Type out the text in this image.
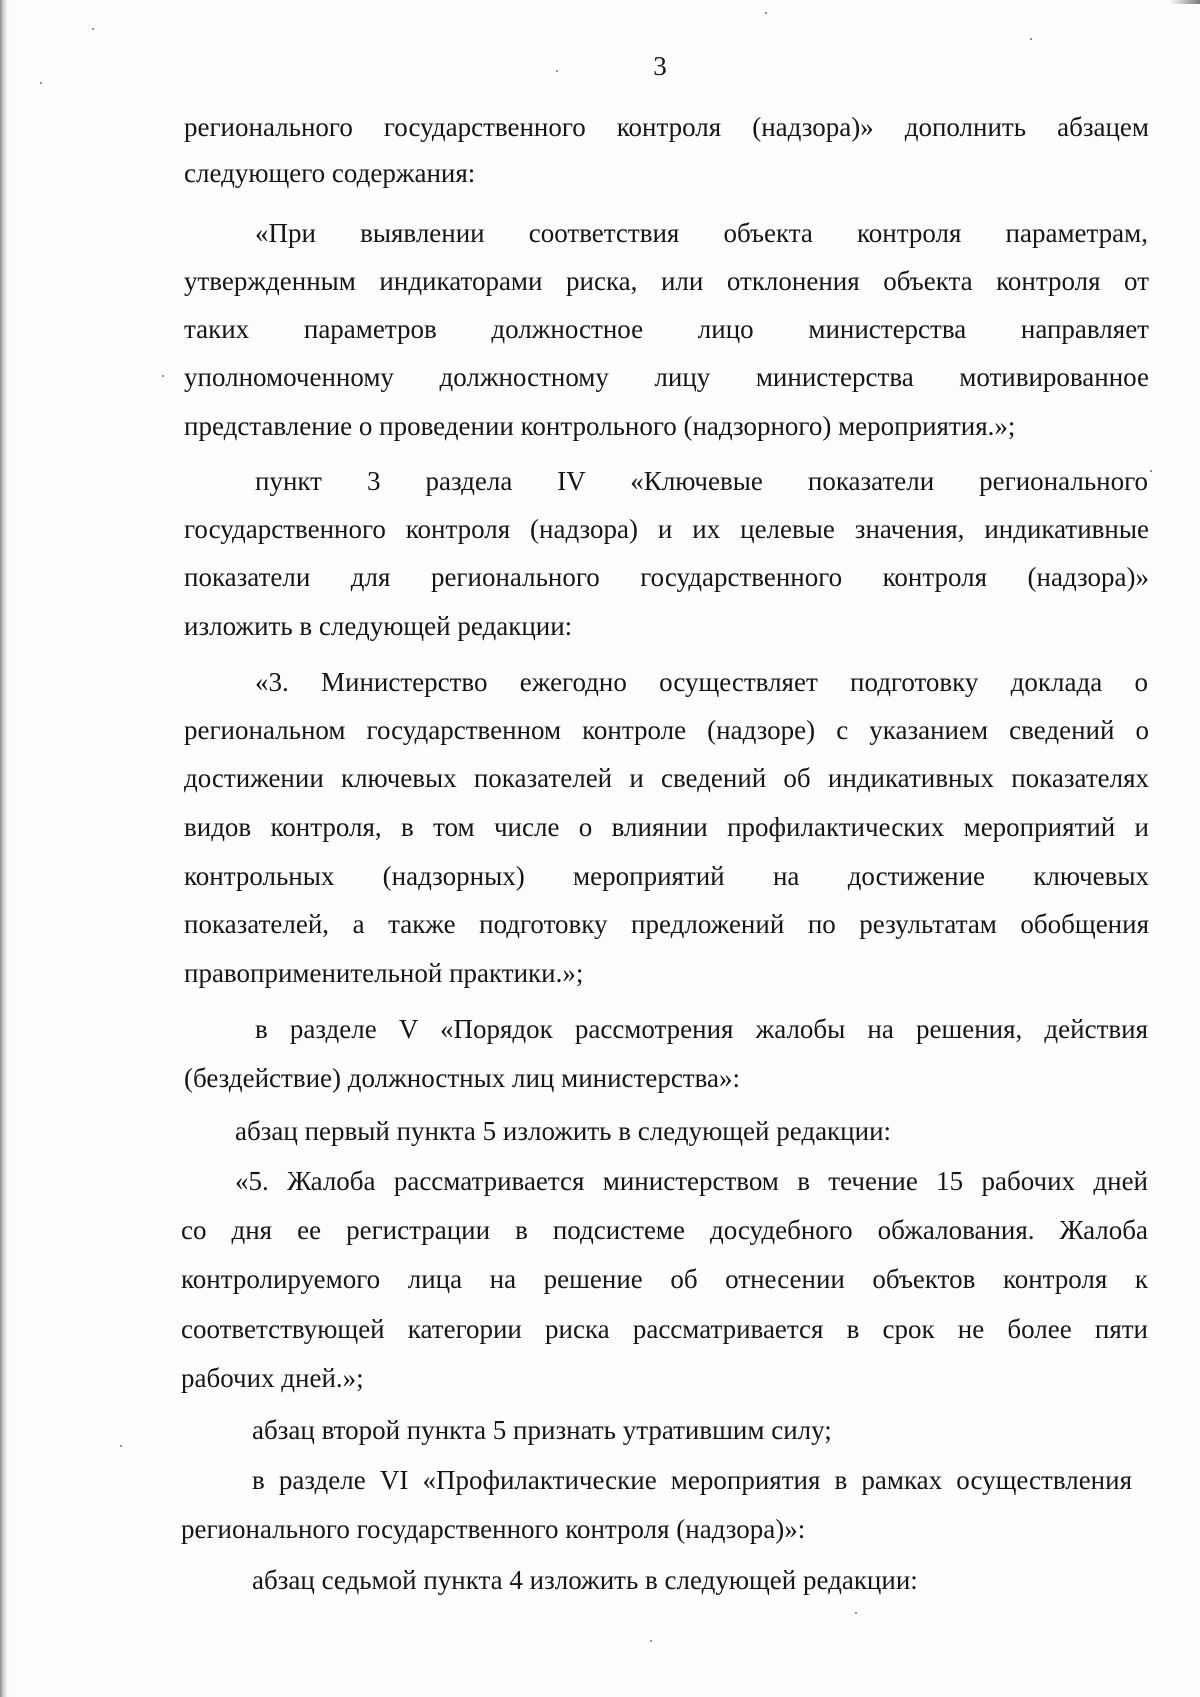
3
регионального государственного контроля (надзора)» дополнить абзацем
следующего содержания:
«При выявлении соответствия объекта контроля параметрам,
утвержденным индикаторами риска, или отклонения объекта контроля от
таких параметров должностное лицо министерства направляет
уполномоченному должностному лицу министерства мотивированное
представление о проведении контрольного (надзорного) мероприятия.»;
пункт 3 раздела IV «Ключевые показатели регионального
государственного контроля (надзора) и их целевые значения, индикативные
показатели для регионального государственного контроля (надзора)»
изложить в следующей редакции:
«3. Министерство ежегодно осуществляет подготовку доклада о
региональном государственном контроле (надзоре) с указанием сведений о
достижении ключевых показателей и сведений об индикативных показателях
видов контроля, в том числе о влиянии профилактических мероприятий и
контрольных (надзорных) мероприятий на достижение ключевых
показателей, а также подготовку предложений по результатам обобщения
правоприменительной практики.»;
в разделе V «Порядок рассмотрения жалобы на решения, действия
(бездействие) должностных лиц министерства»:
абзац первый пункта 5 изложить в следующей редакции:
«5. Жалоба рассматривается министерством в течение 15 рабочих дней
со дня ее регистрации в подсистеме досудебного обжалования. Жалоба
контролируемого лица на решение об отнесении объектов контроля к
соответствующей категории риска рассматривается в срок не более пяти
рабочих дней.»;
абзац второй пункта 5 признать утратившим силу;
в разделе VI «Профилактические мероприятия в рамках осуществления
регионального государственного контроля (надзора)»:
абзац седьмой пункта 4 изложить в следующей редакции:
